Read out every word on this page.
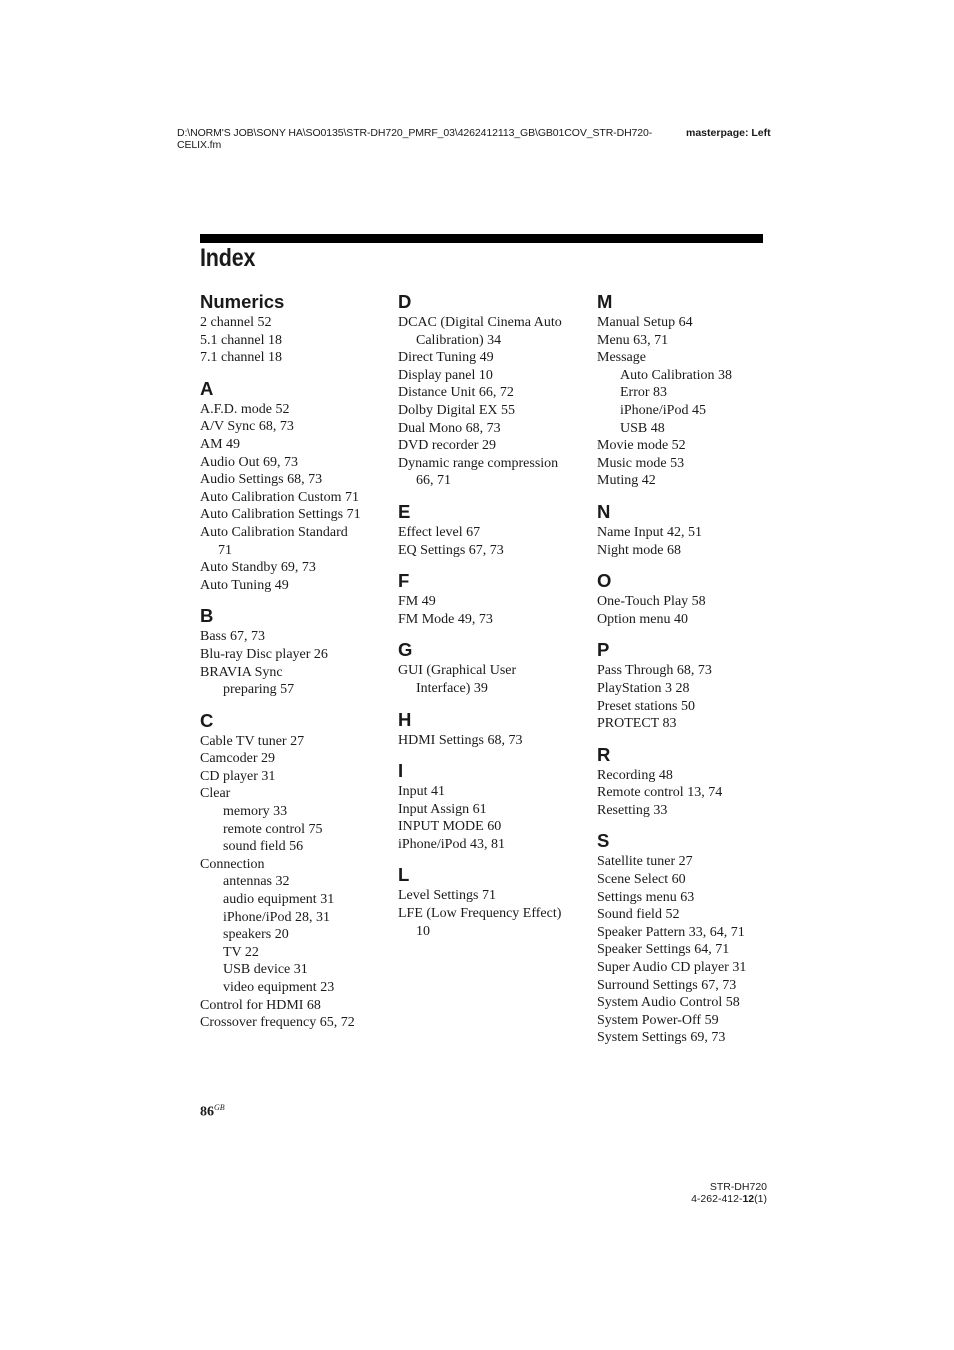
D:\NORM'S JOB\SONY HA\SO0135\STR-DH720_PMRF_03\4262412113_GB\GB01COV_STR-DH720-CELIX.fm
masterpage: Left
Index
Numerics
2 channel 52
5.1 channel 18
7.1 channel 18
A
A.F.D. mode 52
A/V Sync 68, 73
AM 49
Audio Out 69, 73
Audio Settings 68, 73
Auto Calibration Custom 71
Auto Calibration Settings 71
Auto Calibration Standard
71
Auto Standby 69, 73
Auto Tuning 49
B
Bass 67, 73
Blu-ray Disc player 26
BRAVIA Sync
preparing 57
C
Cable TV tuner 27
Camcoder 29
CD player 31
Clear
memory 33
remote control 75
sound field 56
Connection
antennas 32
audio equipment 31
iPhone/iPod 28, 31
speakers 20
TV 22
USB device 31
video equipment 23
Control for HDMI 68
Crossover frequency 65, 72
D
DCAC (Digital Cinema Auto
Calibration) 34
Direct Tuning 49
Display panel 10
Distance Unit 66, 72
Dolby Digital EX 55
Dual Mono 68, 73
DVD recorder 29
Dynamic range compression
66, 71
E
Effect level 67
EQ Settings 67, 73
F
FM 49
FM Mode 49, 73
G
GUI (Graphical User
Interface) 39
H
HDMI Settings 68, 73
I
Input 41
Input Assign 61
INPUT MODE 60
iPhone/iPod 43, 81
L
Level Settings 71
LFE (Low Frequency Effect)
10
M
Manual Setup 64
Menu 63, 71
Message
Auto Calibration 38
Error 83
iPhone/iPod 45
USB 48
Movie mode 52
Music mode 53
Muting 42
N
Name Input 42, 51
Night mode 68
O
One-Touch Play 58
Option menu 40
P
Pass Through 68, 73
PlayStation 3 28
Preset stations 50
PROTECT 83
R
Recording 48
Remote control 13, 74
Resetting 33
S
Satellite tuner 27
Scene Select 60
Settings menu 63
Sound field 52
Speaker Pattern 33, 64, 71
Speaker Settings 64, 71
Super Audio CD player 31
Surround Settings 67, 73
System Audio Control 58
System Power-Off 59
System Settings 69, 73
$86^{GB}$
STR-DH720
4-262-412-12(1)
